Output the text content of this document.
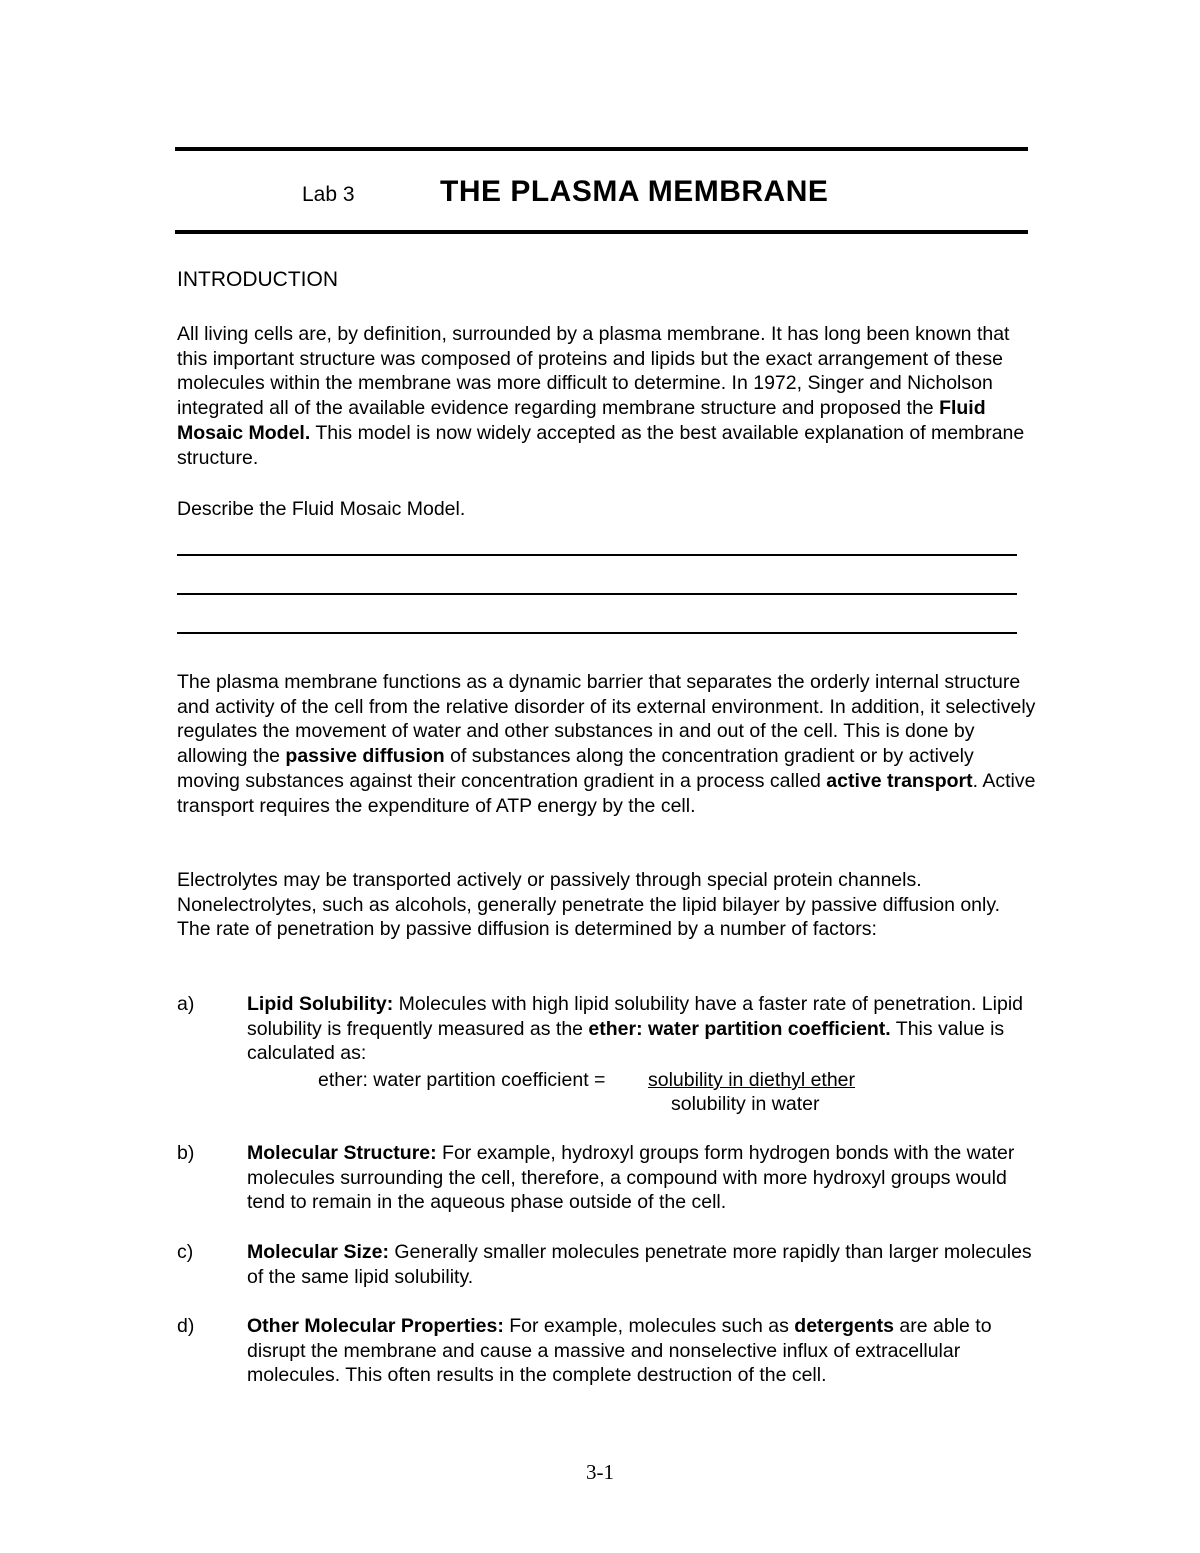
Lab 3	THE PLASMA MEMBRANE
INTRODUCTION

All living cells are, by definition, surrounded by a plasma membrane. It has long been known that this important structure was composed of proteins and lipids but the exact arrangement of these molecules within the membrane was more difficult to determine. In 1972, Singer and Nicholson integrated all of the available evidence regarding membrane structure and proposed the Fluid Mosaic Model. This model is now widely accepted as the best available explanation of membrane structure.

Describe the Fluid Mosaic Model.

The plasma membrane functions as a dynamic barrier that separates the orderly internal structure and activity of the cell from the relative disorder of its external environment. In addition, it selectively regulates the movement of water and other substances in and out of the cell. This is done by allowing the passive diffusion of substances along the concentration gradient or by actively moving substances against their concentration gradient in a process called active transport. Active transport requires the expenditure of ATP energy by the cell.

Electrolytes may be transported actively or passively through special protein channels. Nonelectrolytes, such as alcohols, generally penetrate the lipid bilayer by passive diffusion only. The rate of penetration by passive diffusion is determined by a number of factors:

a)	Lipid Solubility: Molecules with high lipid solubility have a faster rate of penetration. Lipid solubility is frequently measured as the ether: water partition coefficient. This value is calculated as:

ether: water partition coefficient = solubility in diethyl ether
solubility in water
b)	Molecular Structure: For example, hydroxyl groups form hydrogen bonds with the water molecules surrounding the cell, therefore, a compound with more hydroxyl groups would tend to remain in the aqueous phase outside of the cell.

c)	Molecular Size: Generally smaller molecules penetrate more rapidly than larger molecules of the same lipid solubility.

d)	Other Molecular Properties: For example, molecules such as detergents are able to disrupt the membrane and cause a massive and nonselective influx of extracellular molecules. This often results in the complete destruction of the cell.

3-1
